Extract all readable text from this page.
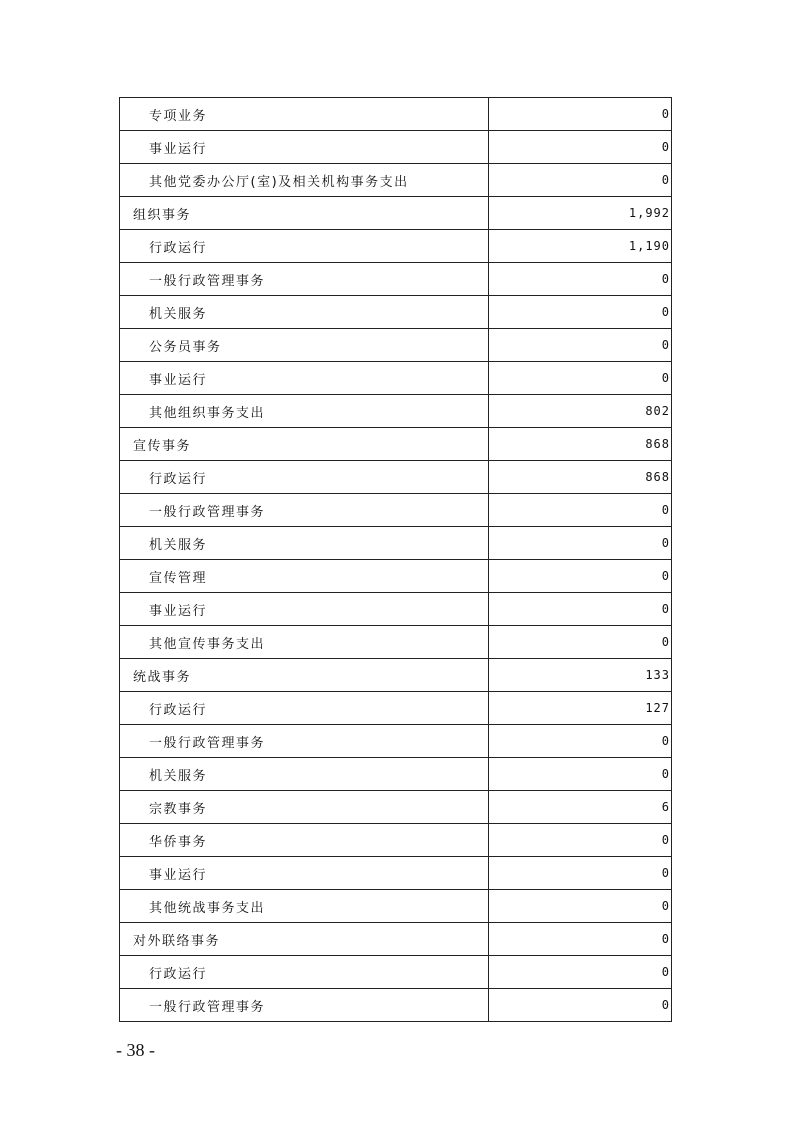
专项业务	0
事业运行	0
其他党委办公厅(室)及相关机构事务支出	0
组织事务	1,992
行政运行	1,190
一般行政管理事务	0
机关服务	0
公务员事务	0
事业运行	0
其他组织事务支出	802
宣传事务	868
行政运行	868
一般行政管理事务	0
机关服务	0
宣传管理	0
事业运行	0
其他宣传事务支出	0
统战事务	133
行政运行	127
一般行政管理事务	0
机关服务	0
宗教事务	6
华侨事务	0
事业运行	0
其他统战事务支出	0
对外联络事务	0
行政运行	0
一般行政管理事务	0
- 38 -
